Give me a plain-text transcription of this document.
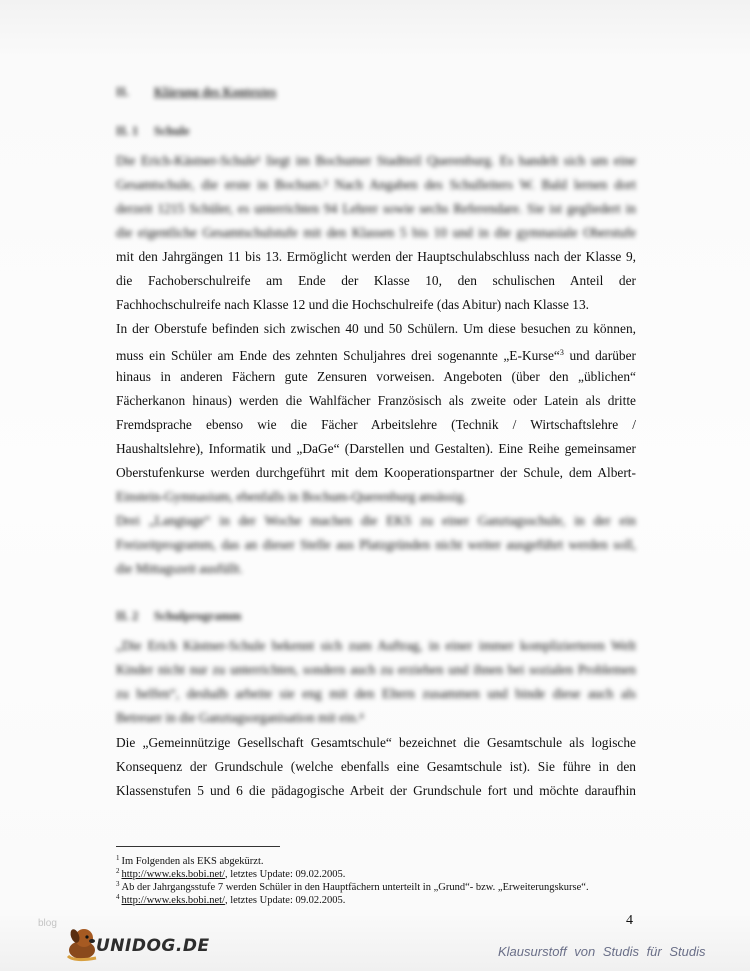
II. Klärung des Kontextes
II. 1 Schule
Die Erich-Kästner-Schule¹ liegt im Bochumer Stadtteil Querenburg. Es handelt sich um eine
Gesamtschule, die erste in Bochum.² Nach Angaben des Schulleiters W. Bald lernen dort
derzeit 1215 Schüler, es unterrichten 94 Lehrer sowie sechs Referendare. Sie ist gegliedert in
die eigentliche Gesamtschulstufe mit den Klassen 5 bis 10 und in die gymnasiale Oberstufe
mit den Jahrgängen 11 bis 13. Ermöglicht werden der Hauptschulabschluss nach der Klasse 9,
die Fachoberschulreife am Ende der Klasse 10, den schulischen Anteil der
Fachhochschulreife nach Klasse 12 und die Hochschulreife (das Abitur) nach Klasse 13.
In der Oberstufe befinden sich zwischen 40 und 50 Schülern. Um diese besuchen zu können,
muss ein Schüler am Ende des zehnten Schuljahres drei sogenannte „E-Kurse“$^3$ und darüber
hinaus in anderen Fächern gute Zensuren vorweisen. Angeboten (über den „üblichen“
Fächerkanon hinaus) werden die Wahlfächer Französisch als zweite oder Latein als dritte
Fremdsprache ebenso wie die Fächer Arbeitslehre (Technik / Wirtschaftslehre /
Haushaltslehre), Informatik und „DaGe“ (Darstellen und Gestalten). Eine Reihe gemeinsamer
Oberstufenkurse werden durchgeführt mit dem Kooperationspartner der Schule, dem Albert-
Einstein-Gymnasium, ebenfalls in Bochum-Querenburg ansässig.
Drei „Langtage“ in der Woche machen die EKS zu einer Ganztagsschule, in der ein
Freizeitprogramm, das an dieser Stelle aus Platzgründen nicht weiter ausgeführt werden soll,
die Mittagszeit ausfüllt.
II. 2 Schulprogramm
„Die Erich Kästner-Schule bekennt sich zum Auftrag, in einer immer komplizierteren Welt
Kinder nicht nur zu unterrichten, sondern auch zu erziehen und ihnen bei sozialen Problemen
zu helfen“, deshalb arbeite sie eng mit den Eltern zusammen und binde diese auch als
Betreuer in die Ganztagsorganisation mit ein.⁴
Die „Gemeinnützige Gesellschaft Gesamtschule“ bezeichnet die Gesamtschule als logische
Konsequenz der Grundschule (welche ebenfalls eine Gesamtschule ist). Sie führe in den
Klassenstufen 5 und 6 die pädagogische Arbeit der Grundschule fort und möchte daraufhin
$^1$ Im Folgenden als EKS abgekürzt.
$^2$ http://www.eks.bobi.net/, letztes Update: 09.02.2005.
$^3$ Ab der Jahrgangsstufe 7 werden Schüler in den Hauptfächern unterteilt in „Grund“- bzw. „Erweiterungskurse“.
$^4$ http://www.eks.bobi.net/, letztes Update: 09.02.2005.
4
blog
UNIDOG.DE	Klausurstoff von Studis für Studis
